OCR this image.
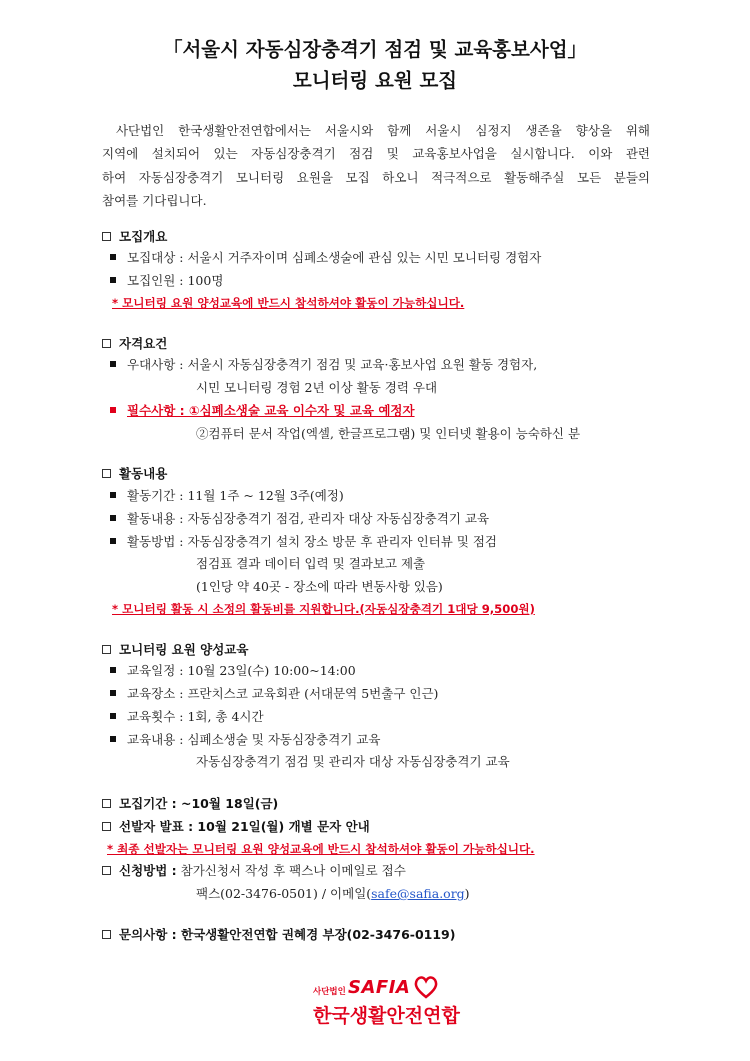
「서울시 자동심장충격기 점검 및 교육홍보사업」
모니터링 요원 모집
사단법인 한국생활안전연합에서는 서울시와 함께 서울시 심정지 생존율 향상을 위해
지역에 설치되어 있는 자동심장충격기 점검 및 교육홍보사업을 실시합니다. 이와 관련
하여 자동심장충격기 모니터링 요원을 모집 하오니 적극적으로 활동해주실 모든 분들의
참여를 기다립니다.
모집개요
모집대상 : 서울시 거주자이며 심폐소생술에 관심 있는 시민 모니터링 경험자
모집인원 : 100명
* 모니터링 요원 양성교육에 반드시 참석하셔야 활동이 가능하십니다.
자격요건
우대사항 : 서울시 자동심장충격기 점검 및 교육·홍보사업 요원 활동 경험자,
시민 모니터링 경험 2년 이상 활동 경력 우대
필수사항 : ①심폐소생술 교육 이수자 및 교육 예정자
②컴퓨터 문서 작업(엑셀, 한글프로그램) 및 인터넷 활용이 능숙하신 분
활동내용
활동기간 : 11월 1주 ~ 12월 3주(예정)
활동내용 : 자동심장충격기 점검, 관리자 대상 자동심장충격기 교육
활동방법 : 자동심장충격기 설치 장소 방문 후 관리자 인터뷰 및 점검
점검표 결과 데이터 입력 및 결과보고 제출
(1인당 약 40곳 - 장소에 따라 변동사항 있음)
* 모니터링 활동 시 소정의 활동비를 지원합니다.(자동심장충격기 1대당 9,500원)
모니터링 요원 양성교육
교육일정 : 10월 23일(수) 10:00~14:00
교육장소 : 프란치스코 교육회관 (서대문역 5번출구 인근)
교육횟수 : 1회, 총 4시간
교육내용 : 심폐소생술 및 자동심장충격기 교육
자동심장충격기 점검 및 관리자 대상 자동심장충격기 교육
모집기간 : ~10월 18일(금)
선발자 발표 : 10월 21일(월) 개별 문자 안내
* 최종 선발자는 모니터링 요원 양성교육에 반드시 참석하셔야 활동이 가능하십니다.
신청방법 : 참가신청서 작성 후 팩스나 이메일로 접수
팩스(02-3476-0501) / 이메일(safe@safia.org)
문의사항 : 한국생활안전연합 권혜경 부장(02-3476-0119)
사단법인 SAFIA
한국생활안전연합
